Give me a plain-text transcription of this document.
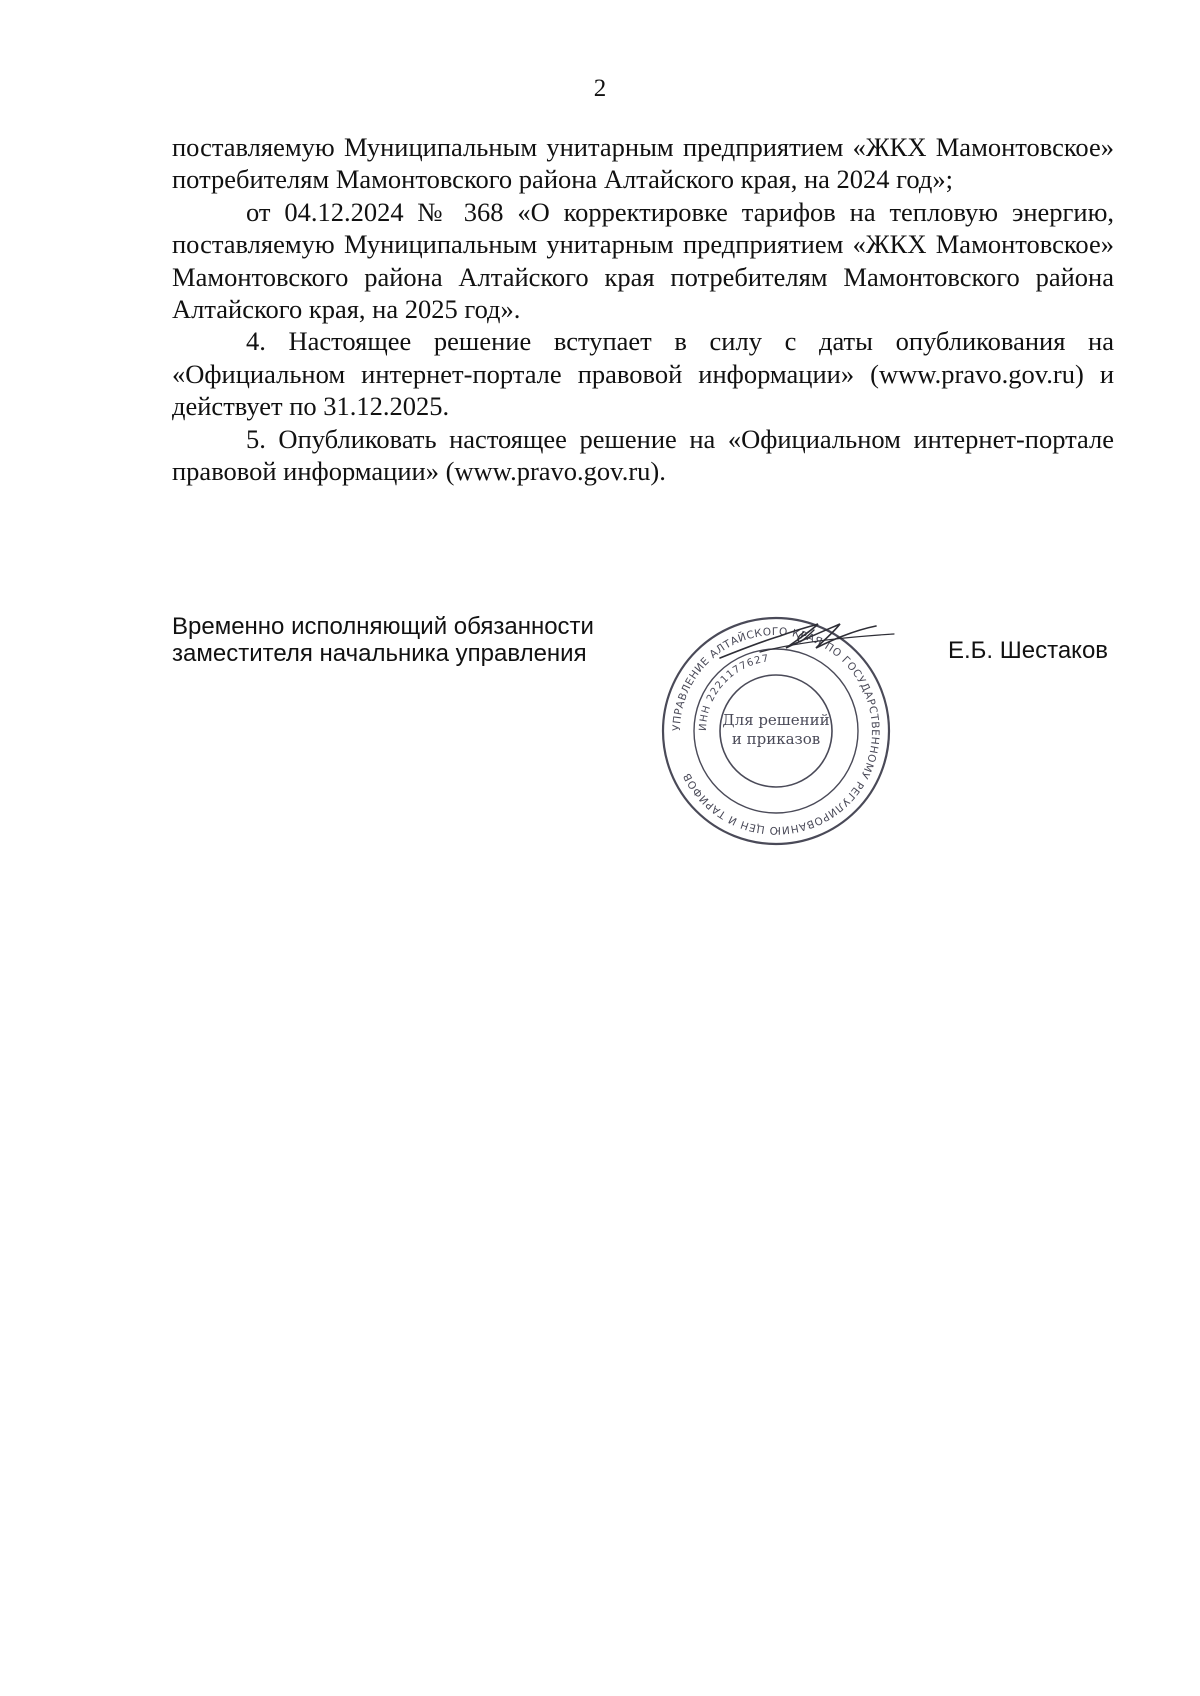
2

поставляемую Муниципальным унитарным предприятием «ЖКХ Мамонтовское» потребителям Мамонтовского района Алтайского края, на 2024 год»;

от 04.12.2024 № 368 «О корректировке тарифов на тепловую энергию, поставляемую Муниципальным унитарным предприятием «ЖКХ Мамонтовское» Мамонтовского района Алтайского края потребителям Мамонтовского района Алтайского края, на 2025 год».

4. Настоящее решение вступает в силу с даты опубликования на «Официальном интернет-портале правовой информации» (www.pravo.gov.ru) и действует по 31.12.2025.

5. Опубликовать настоящее решение на «Официальном интернет-портале правовой информации» (www.pravo.gov.ru).

Временно исполняющий обязанности
заместителя начальника управления	Е.Б. Шестаков
УПРАВЛЕНИЕ АЛТАЙСКОГО КРАЯ ПО ГОСУДАРСТВЕННОМУ РЕГУЛИРОВАНИЮ ЦЕН И ТАРИФОВ
ИНН 2221177627
Для решений
и приказов
